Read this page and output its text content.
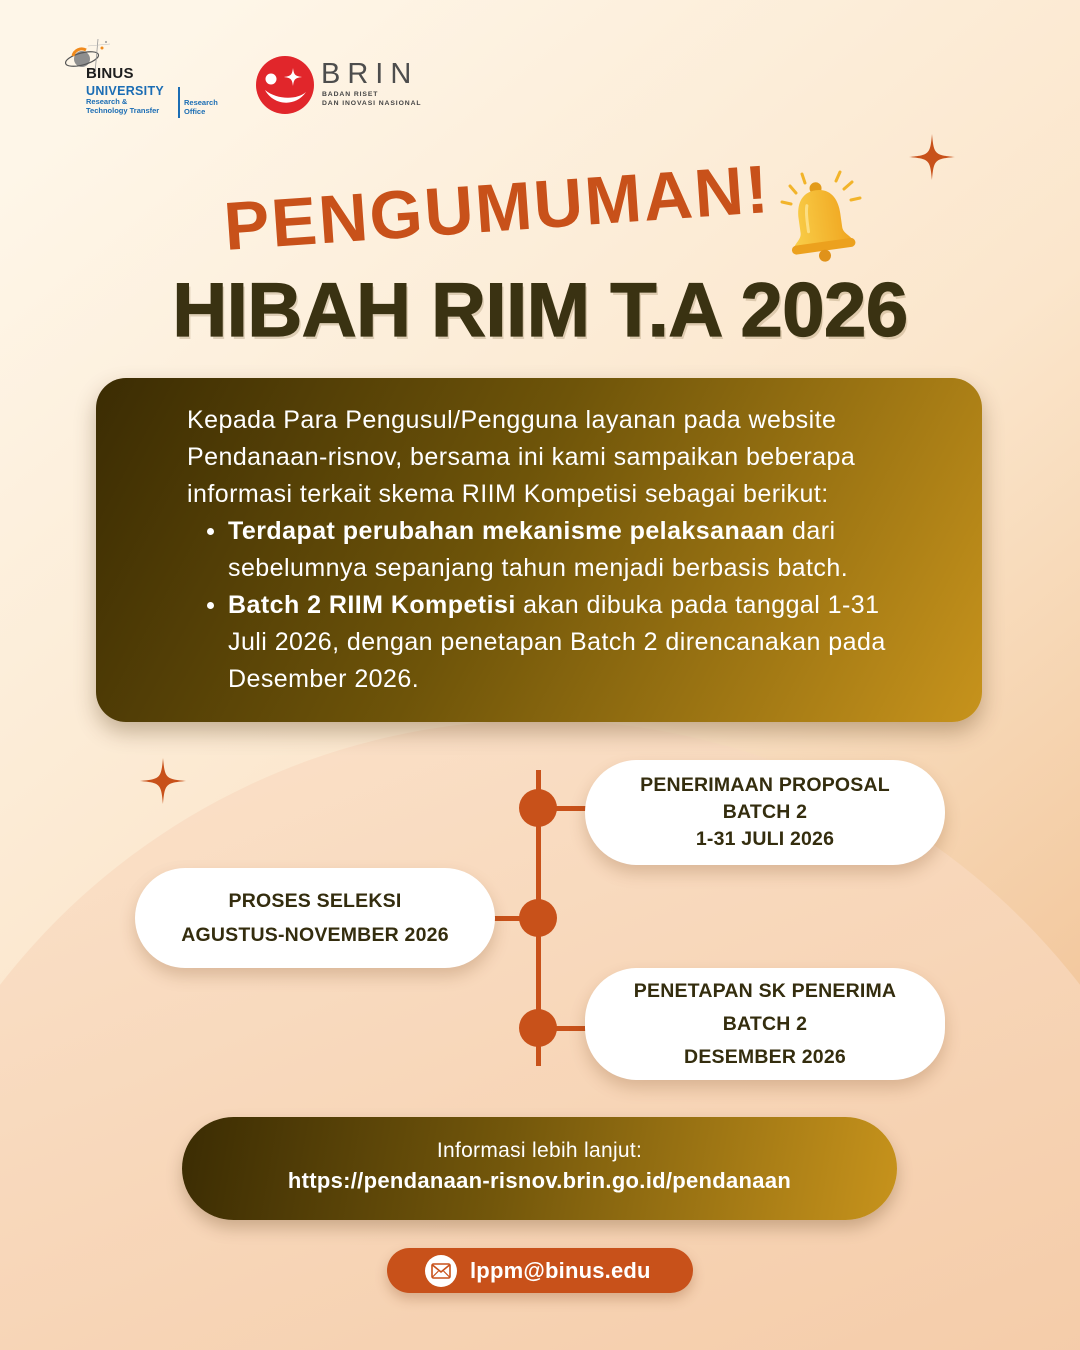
BINUS
UNIVERSITY
Research &
Technology Transfer
Research
Office
BRIN
BADAN RISET
DAN INOVASI NASIONAL
PENGUMUMAN!
HIBAH RIIM T.A 2026

Kepada Para Pengusul/Pengguna layanan pada website
Pendanaan-risnov, bersama ini kami sampaikan beberapa
informasi terkait skema RIIM Kompetisi sebagai berikut:

Terdapat perubahan mekanisme pelaksanaan dari
sebelumnya sepanjang tahun menjadi berbasis batch.
Batch 2 RIIM Kompetisi akan dibuka pada tanggal 1-31
Juli 2026, dengan penetapan Batch 2 direncanakan pada
Desember 2026.
PENERIMAAN PROPOSAL
BATCH 2
1-31 JULI 2026
PROSES SELEKSI
AGUSTUS-NOVEMBER 2026
PENETAPAN SK PENERIMA
BATCH 2
DESEMBER 2026
Informasi lebih lanjut:
https://pendanaan-risnov.brin.go.id/pendanaan
lppm@binus.edu
